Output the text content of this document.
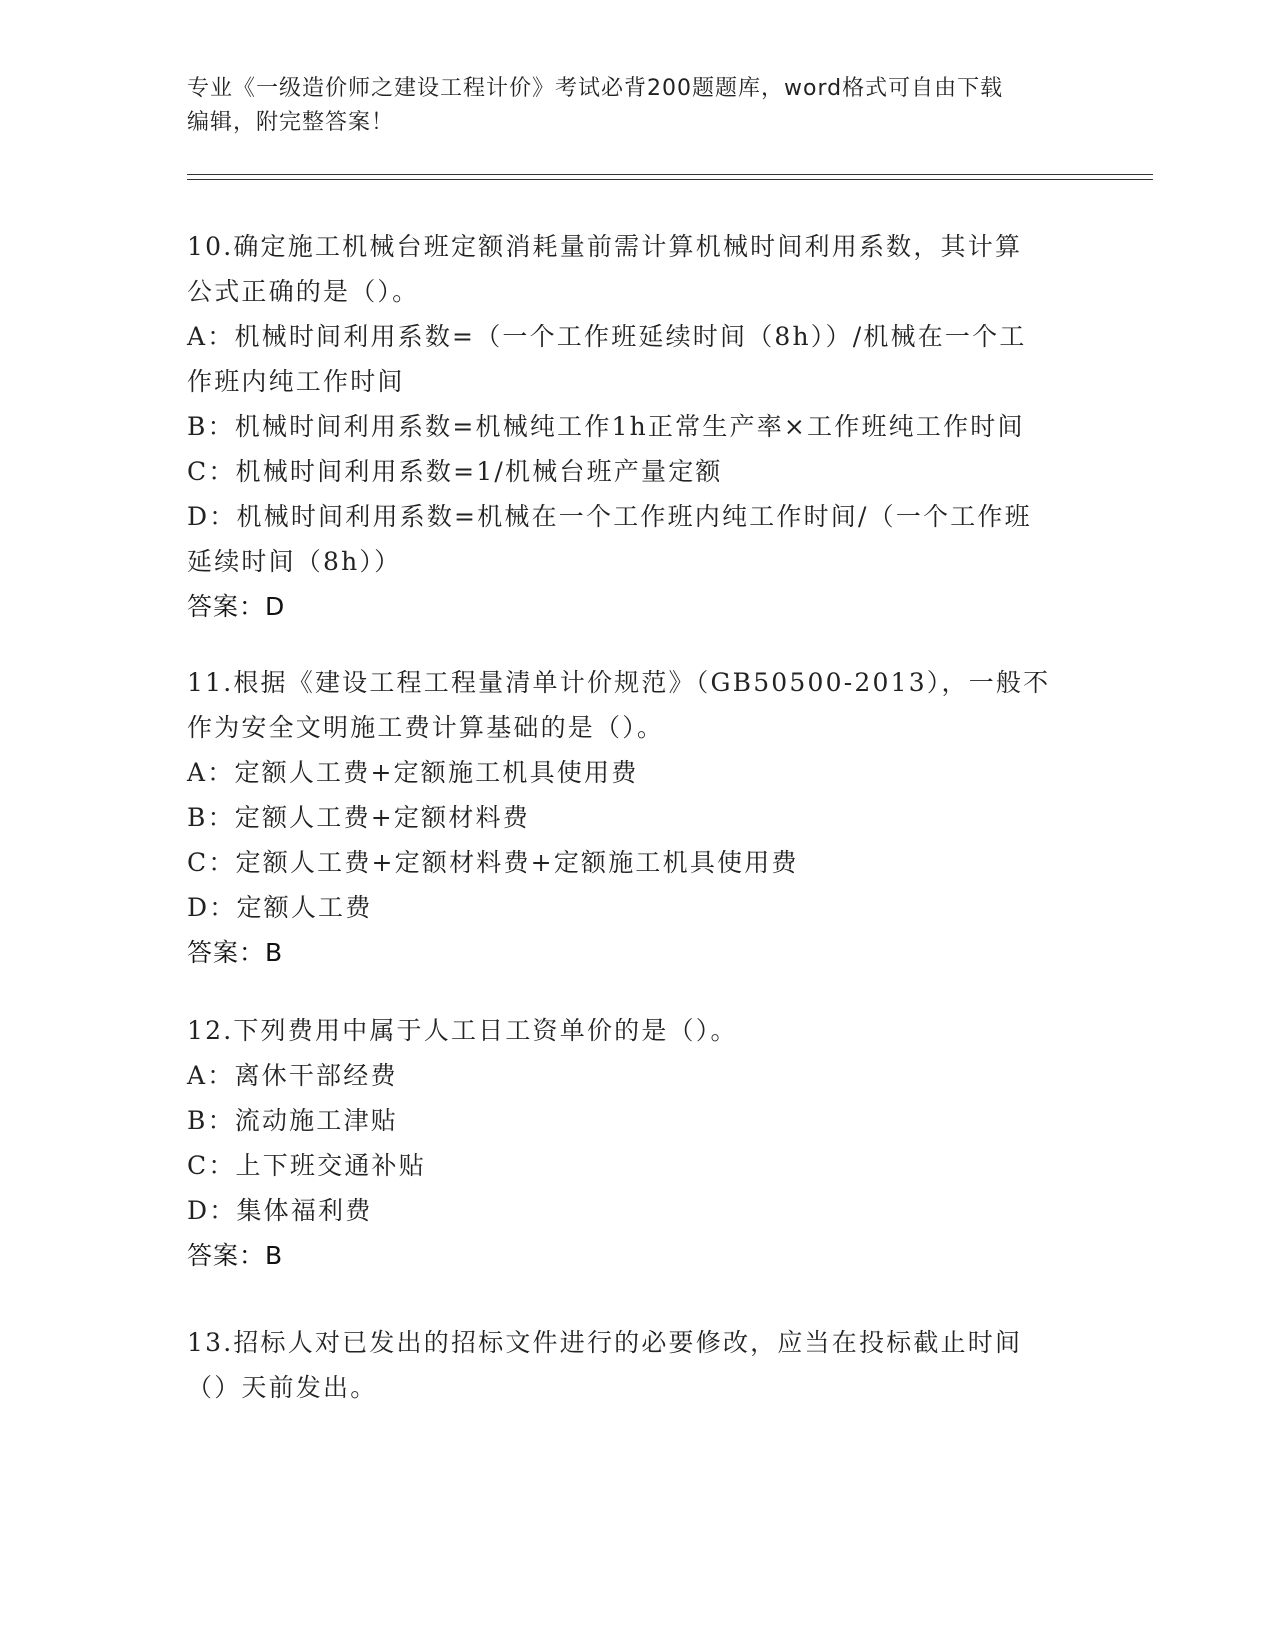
专业《一级造价师之建设工程计价》考试必背200题题库，word格式可自由下载
编辑，附完整答案！

10.确定施工机械台班定额消耗量前需计算机械时间利用系数，其计算

公式正确的是（）。

A：机械时间利用系数=（一个工作班延续时间（8h））/机械在一个工

作班内纯工作时间

B：机械时间利用系数=机械纯工作1h正常生产率×工作班纯工作时间

C：机械时间利用系数=1/机械台班产量定额

D：机械时间利用系数=机械在一个工作班内纯工作时间/（一个工作班

延续时间（8h））

答案：D

11.根据《建设工程工程量清单计价规范》（GB50500-2013），一般不

作为安全文明施工费计算基础的是（）。

A：定额人工费+定额施工机具使用费

B：定额人工费+定额材料费

C：定额人工费+定额材料费+定额施工机具使用费

D：定额人工费

答案：B

12.下列费用中属于人工日工资单价的是（）。

A：离休干部经费

B：流动施工津贴

C：上下班交通补贴

D：集体福利费

答案：B

13.招标人对已发出的招标文件进行的必要修改，应当在投标截止时间

（）天前发出。
